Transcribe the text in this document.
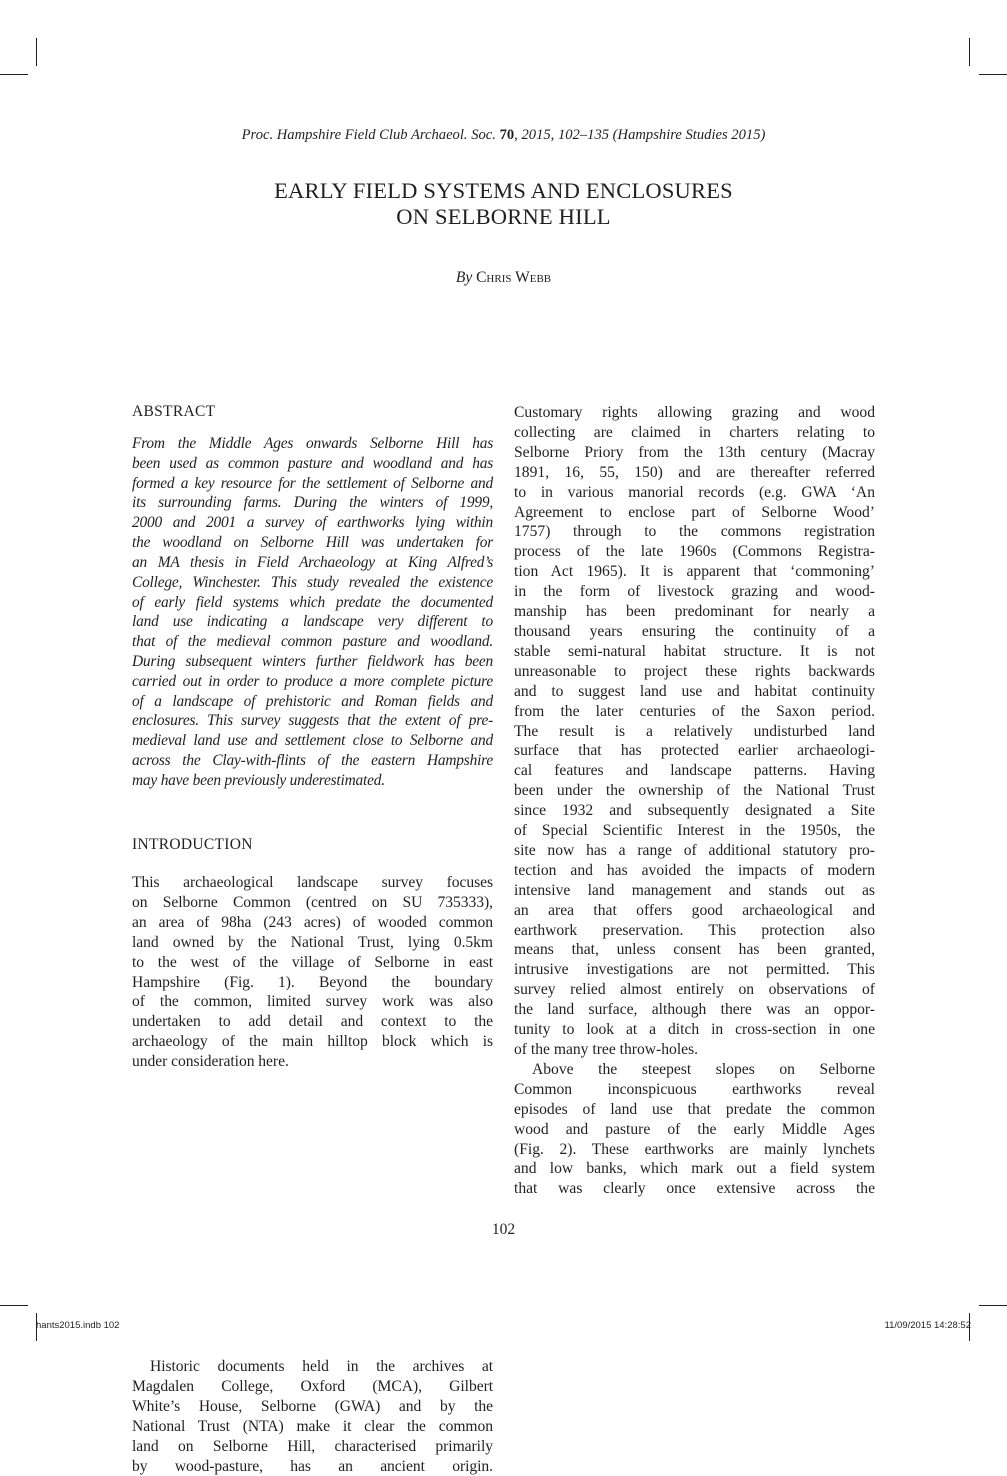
Proc. Hampshire Field Club Archaeol. Soc. 70, 2015, 102–135 (Hampshire Studies 2015)
EARLY FIELD SYSTEMS AND ENCLOSURES
ON SELBORNE HILL
By Chris Webb
ABSTRACT
From the Middle Ages onwards Selborne Hill has
been used as common pasture and woodland and has
formed a key resource for the settlement of Selborne and
its surrounding farms. During the winters of 1999,
2000 and 2001 a survey of earthworks lying within
the woodland on Selborne Hill was undertaken for
an MA thesis in Field Archaeology at King Alfred’s
College, Winchester. This study revealed the existence
of early field systems which predate the documented
land use indicating a landscape very different to
that of the medieval common pasture and woodland.
During subsequent winters further fieldwork has been
carried out in order to produce a more complete picture
of a landscape of prehistoric and Roman fields and
enclosures. This survey suggests that the extent of pre-
medieval land use and settlement close to Selborne and
across the Clay-with-flints of the eastern Hampshire
may have been previously underestimated.
INTRODUCTION
This archaeological landscape survey focuses
on Selborne Common (centred on SU 735333),
an area of 98ha (243 acres) of wooded common
land owned by the National Trust, lying 0.5km
to the west of the village of Selborne in east
Hampshire (Fig. 1). Beyond the boundary
of the common, limited survey work was also
undertaken to add detail and context to the
archaeology of the main hilltop block which is
under consideration here.
Historic documents held in the archives at
Magdalen College, Oxford (MCA), Gilbert
White’s House, Selborne (GWA) and by the
National Trust (NTA) make it clear the common
land on Selborne Hill, characterised primarily
by wood-pasture, has an ancient origin.
Customary rights allowing grazing and wood
collecting are claimed in charters relating to
Selborne Priory from the 13th century (Macray
1891, 16, 55, 150) and are thereafter referred
to in various manorial records (e.g. GWA ‘An
Agreement to enclose part of Selborne Wood’
1757) through to the commons registration
process of the late 1960s (Commons Registra-
tion Act 1965). It is apparent that ‘commoning’
in the form of livestock grazing and wood-
manship has been predominant for nearly a
thousand years ensuring the continuity of a
stable semi-natural habitat structure. It is not
unreasonable to project these rights backwards
and to suggest land use and habitat continuity
from the later centuries of the Saxon period.
The result is a relatively undisturbed land
surface that has protected earlier archaeologi-
cal features and landscape patterns. Having
been under the ownership of the National Trust
since 1932 and subsequently designated a Site
of Special Scientific Interest in the 1950s, the
site now has a range of additional statutory pro-
tection and has avoided the impacts of modern
intensive land management and stands out as
an area that offers good archaeological and
earthwork preservation. This protection also
means that, unless consent has been granted,
intrusive investigations are not permitted. This
survey relied almost entirely on observations of
the land surface, although there was an oppor-
tunity to look at a ditch in cross-section in one
of the many tree throw-holes.
Above the steepest slopes on Selborne
Common inconspicuous earthworks reveal
episodes of land use that predate the common
wood and pasture of the early Middle Ages
(Fig. 2). These earthworks are mainly lynchets
and low banks, which mark out a field system
that was clearly once extensive across the
102
hants2015.indb 102	11/09/2015 14:28:52
